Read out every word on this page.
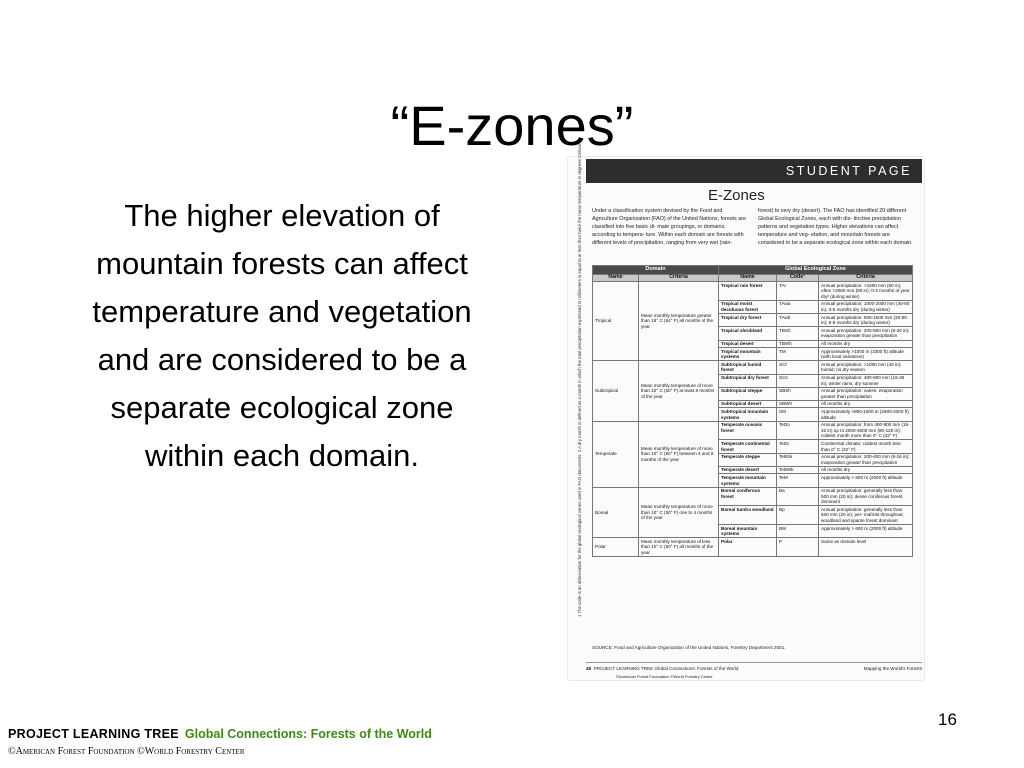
“E-zones”
The higher elevation of mountain forests can affect temperature and vegetation and are considered to be a separate ecological zone within each domain.
STUDENT PAGE
1 The code is an abbreviation for the global ecological zones used in FAO documents. 2 A dry month is defined as a month in which the total precipitation expressed in millimeters is equal to or less than twice the mean temperature in degrees Celsius.	E-Zones
Under a classification system devised by the Food and Agriculture Organization (FAO) of the United Nations, forests are classified into five basic di- mate groupings, or domains, according to tempera- ture. Within each domain are forests with different levels of precipitation, ranging from very wet (rain-
forest) to very dry (desert). The FAO has identified 20 different Global Ecological Zones, each with dis- tinctive precipitation patterns and vegetation types. Higher elevations can affect temperature and veg- etation, and mountain forests are considered to be a separate ecological zone within each domain.
Domain		Global Ecological Zone		
Name	Criteria	Name	Code¹	Criteria
Tropical	Mean monthly temperature greater than 18° C (64° F) all months of the year	Tropical rain forest	TAr	Annual precipitation: >1500 mm (60 in); often >2000 mm (80 in); 0-3 months of year dry² (during winter)
		Tropical moist deciduous forest	TAwa	Annual precipitation: 1000-2000 mm (40-80 in); 3-5 months dry (during winter)
		Tropical dry forest	TAwb	Annual precipitation: 500-1500 mm (20-60 in); 5-8 months dry (during winter)
		Tropical shrubland	TBSh	Annual precipitation: 200-500 mm (8-20 in); evaporation greater than precipitation
		Tropical desert	TBWh	All months dry
		Tropical mountain systems	TM	Approximately >1000 m (3300 ft) altitude (with local variations)
Subtropical	Mean monthly temperature of more than 10° C (50° F) at least 8 months of the year	Subtropical humid forest	SCf	Annual precipitation: >1000 mm (40 in); humid; no dry season
		Subtropical dry forest	SCs	Annual precipitation: 400-900 mm (16-36 in); winter rains, dry summer
		Subtropical steppe	SBSh	Annual precipitation: varies; evaporation greater than precipitation
		Subtropical desert	SBWh	All months dry
		Subtropical mountain systems	SM	Approximately >800-1000 m (2600-3300 ft) altitude
Temperate	Mean monthly temperature of more than 10° C (50° F) between 4 and 8 months of the year	Temperate oceanic forest	TeDo	Annual precipitation: from 400-900 mm (16-32 in) up to 2000-3000 mm (80-120 in); coldest month more than 0° C (32° F)
		Temperate continental forest	TeDc	Continental climate; coldest month less than 0° C (32° F)
		Temperate steppe	TeBSk	Annual precipitation: 200-400 mm (8-16 in); evaporation greater than precipitation
		Temperate desert	TeBWk	All months dry
		Temperate mountain systems	TeM	Approximately > 800 m (2600 ft) altitude
Boreal	Mean monthly temperature of more than 10° C (50° F) one to 4 months of the year	Boreal coniferous forest	Ba	Annual precipitation: generally less than 500 mm (20 in); dense coniferous forest dominant
		Boreal tundra woodland	Bp	Annual precipitation: generally less than 500 mm (20 in); per- mafrost throughout; woodland and sparse forest dominant
		Boreal mountain systems	BM	Approximately > 600 m (2000 ft) altitude
Polar	Mean monthly temperature of less than 10° C (50° F) all months of the year	Polar	P	Same as domain level
SOURCE: Food and Agriculture Organization of the United Nations, Forestry Department 2001.
48 PROJECT LEARNING TREE Global Connections: Forests of the World	Mapping the World's Forests
©American Forest Foundation ©World Forestry Center
PROJECT LEARNING TREE Global Connections: Forests of the World
©American Forest Foundation ©World Forestry Center
16
